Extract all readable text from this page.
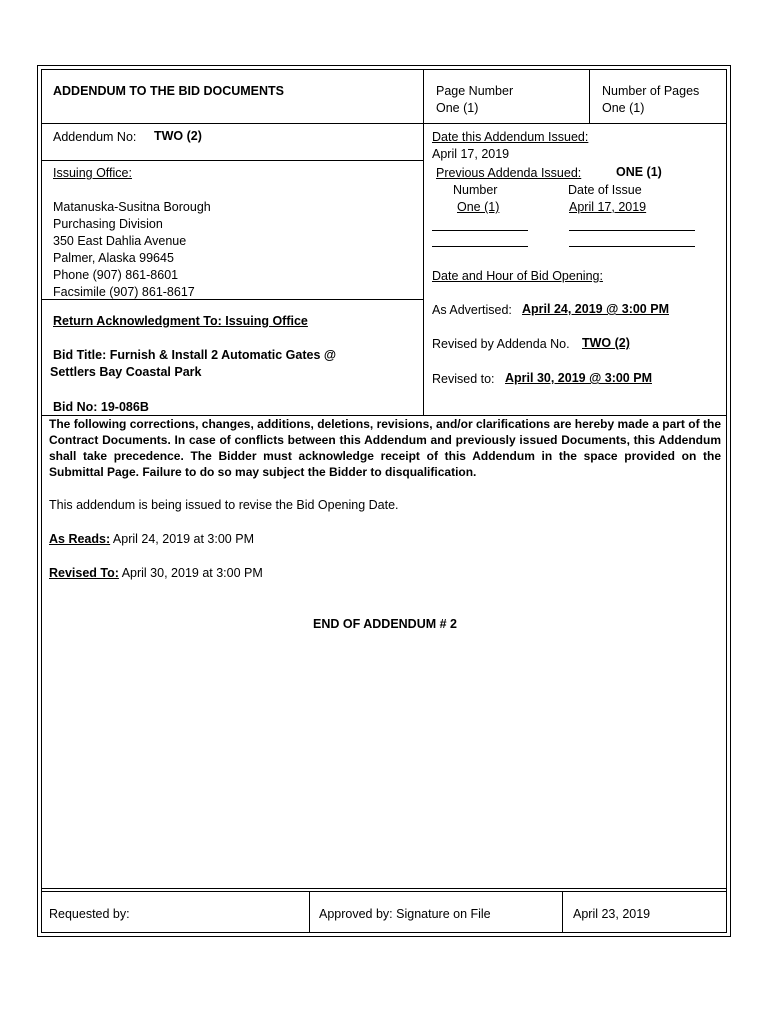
ADDENDUM TO THE BID DOCUMENTS	Page Number
One (1)
Number of Pages
One (1)
Addendum No: TWO (2)	Date this Addendum Issued:
April 17, 2019
Issuing Office:
Matanuska-Susitna Borough
Purchasing Division
350 East Dahlia Avenue
Palmer, Alaska 99645
Phone (907) 861-8601
Facsimile (907) 861-8617
Previous Addenda Issued:	ONE (1)
Number	Date of Issue
One (1)	April 17, 2019
Date and Hour of Bid Opening:
As Advertised: April 24, 2019 @ 3:00 PM
Revised by Addenda No. TWO (2)
Revised to: April 30, 2019 @ 3:00 PM
Return Acknowledgment To: Issuing Office
Bid Title: Furnish & Install 2 Automatic Gates @
Settlers Bay Coastal Park
Bid No: 19-086B
The following corrections, changes, additions, deletions, revisions, and/or clarifications are hereby made a part of the Contract Documents. In case of conflicts between this Addendum and previously issued Documents, this Addendum shall take precedence. The Bidder must acknowledge receipt of this Addendum in the space provided on the Submittal Page. Failure to do so may subject the Bidder to disqualification.
This addendum is being issued to revise the Bid Opening Date.
As Reads: April 24, 2019 at 3:00 PM
Revised To: April 30, 2019 at 3:00 PM
END OF ADDENDUM # 2
Requested by:	Approved by: Signature on File	April 23, 2019
